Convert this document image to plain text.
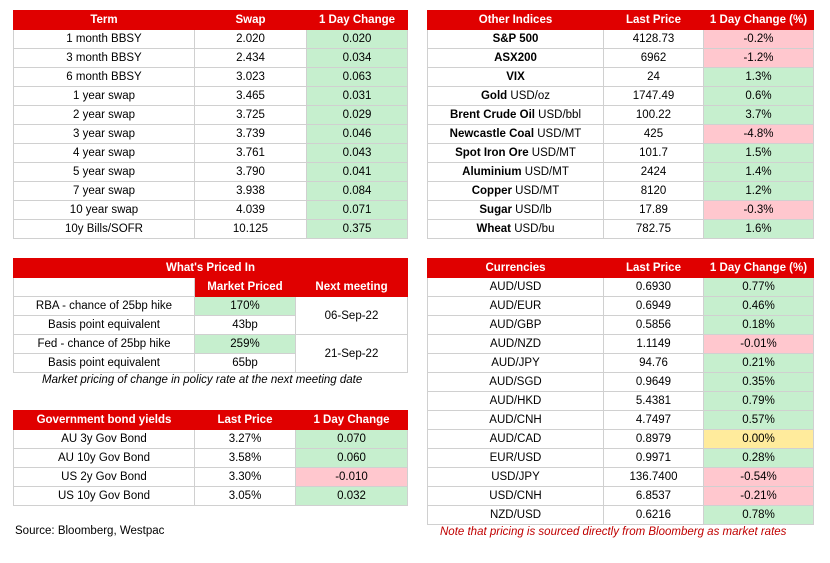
Term	Swap	1 Day Change
1 month BBSY	2.020	0.020
3 month BBSY	2.434	0.034
6 month BBSY	3.023	0.063
1 year swap	3.465	0.031
2 year swap	3.725	0.029
3 year swap	3.739	0.046
4 year swap	3.761	0.043
5 year swap	3.790	0.041
7 year swap	3.938	0.084
10 year swap	4.039	0.071
10y Bills/SOFR	10.125	0.375
Other Indices	Last Price	1 Day Change (%)
S&P 500	4128.73	-0.2%
ASX200	6962	-1.2%
VIX	24	1.3%
Gold USD/oz	1747.49	0.6%
Brent Crude Oil USD/bbl	100.22	3.7%
Newcastle Coal USD/MT	425	-4.8%
Spot Iron Ore USD/MT	101.7	1.5%
Aluminium USD/MT	2424	1.4%
Copper USD/MT	8120	1.2%
Sugar USD/lb	17.89	-0.3%
Wheat USD/bu	782.75	1.6%
What's Priced In		
	Market Priced	Next meeting
RBA - chance of 25bp hike	170%	06-Sep-22
Basis point equivalent	43bp	
Fed - chance of 25bp hike	259%	21-Sep-22
Basis point equivalent	65bp	
Market pricing of change in policy rate at the next meeting date
Government bond yields	Last Price	1 Day Change
AU 3y Gov Bond	3.27%	0.070
AU 10y Gov Bond	3.58%	0.060
US 2y Gov Bond	3.30%	-0.010
US 10y Gov Bond	3.05%	0.032
Currencies	Last Price	1 Day Change (%)
AUD/USD	0.6930	0.77%
AUD/EUR	0.6949	0.46%
AUD/GBP	0.5856	0.18%
AUD/NZD	1.1149	-0.01%
AUD/JPY	94.76	0.21%
AUD/SGD	0.9649	0.35%
AUD/HKD	5.4381	0.79%
AUD/CNH	4.7497	0.57%
AUD/CAD	0.8979	0.00%
EUR/USD	0.9971	0.28%
USD/JPY	136.7400	-0.54%
USD/CNH	6.8537	-0.21%
NZD/USD	0.6216	0.78%
Source: Bloomberg, Westpac	Note that pricing is sourced directly from Bloomberg as market rates
